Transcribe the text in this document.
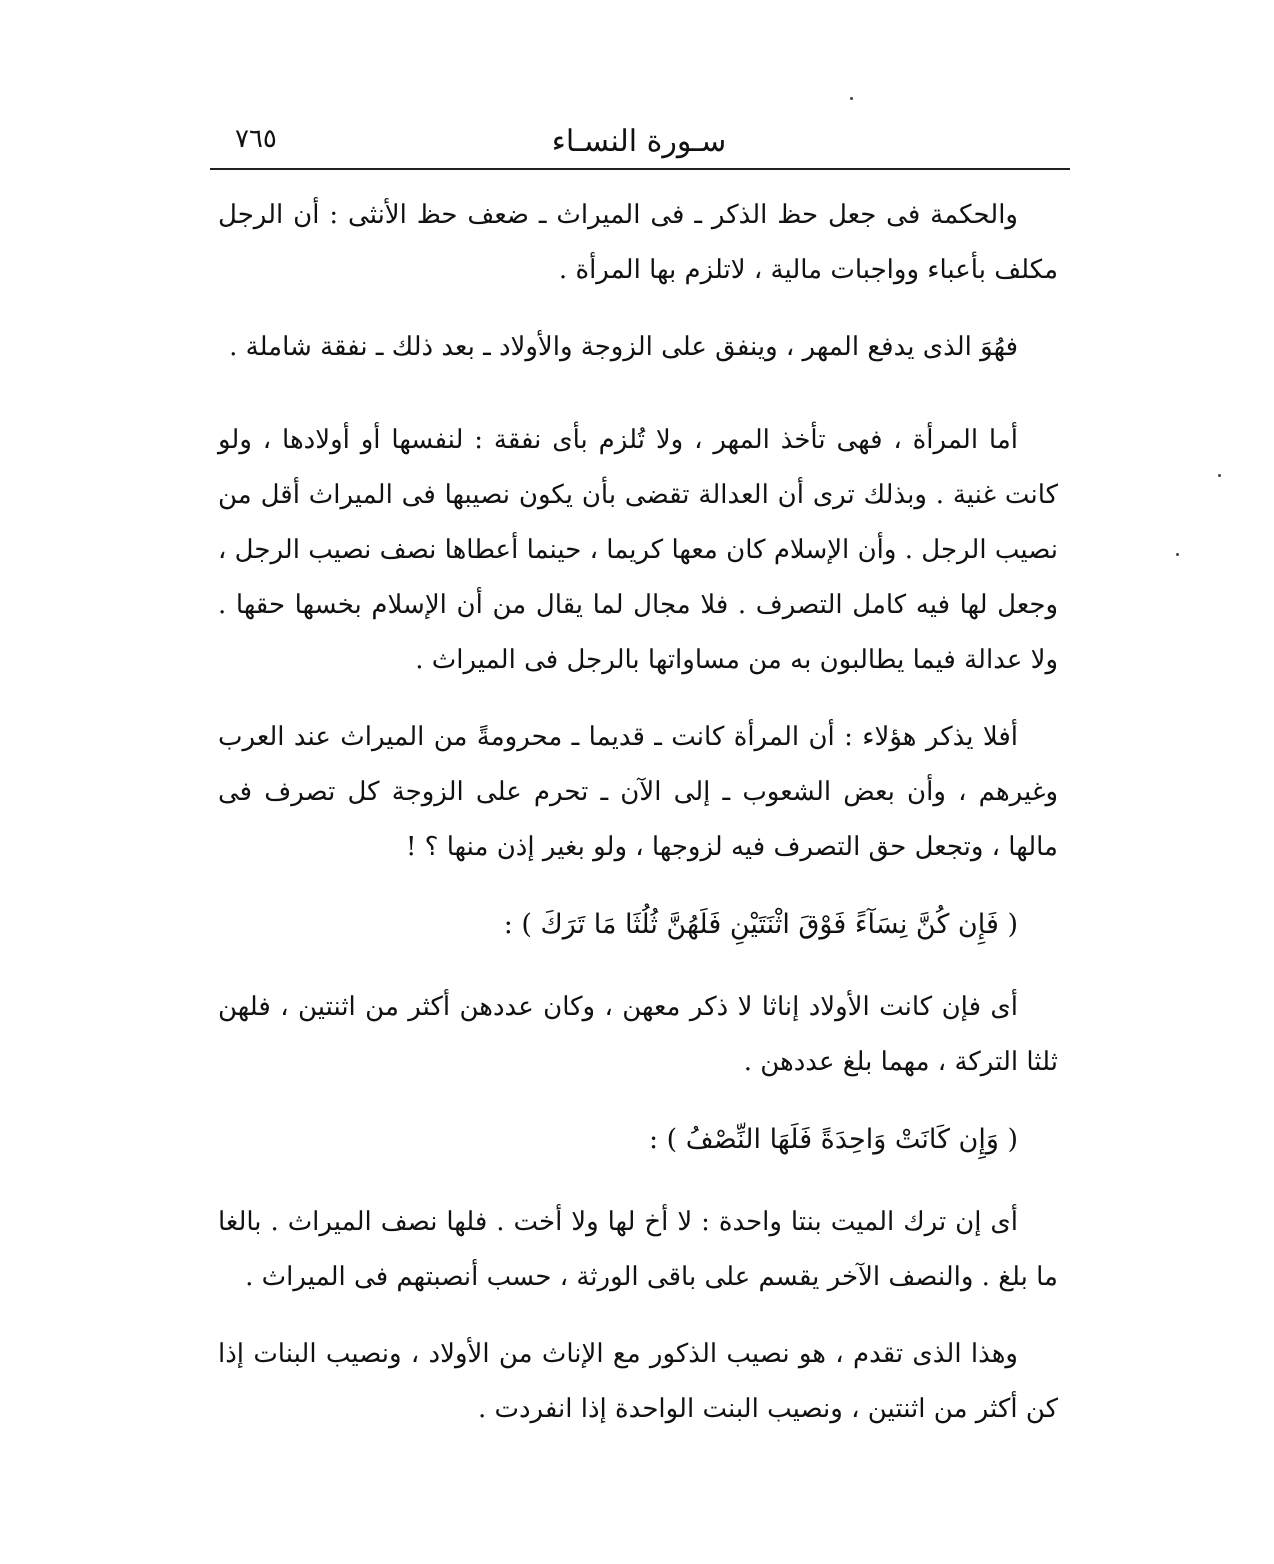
سـورة النسـاء
٧٦٥

والحكمة فى جعل حظ الذكر ـ فى الميراث ـ ضعف حظ الأنثى : أن الرجل مكلف بأعباء وواجبات مالية ، لاتلزم بها المرأة .

فهُوَ الذى يدفع المهر ، وينفق على الزوجة والأولاد ـ بعد ذلك ـ نفقة شاملة .

أما المرأة ، فهى تأخذ المهر ، ولا تُلزم بأى نفقة : لنفسها أو أولادها ، ولو كانت غنية . وبذلك ترى أن العدالة تقضى بأن يكون نصيبها فى الميراث أقل من نصيب الرجل . وأن الإسلام كان معها كريما ، حينما أعطاها نصف نصيب الرجل ، وجعل لها فيه كامل التصرف . فلا مجال لما يقال من أن الإسلام بخسها حقها . ولا عدالة فيما يطالبون به من مساواتها بالرجل فى الميراث .

أفلا يذكر هؤلاء : أن المرأة كانت ـ قديما ـ محرومةً من الميراث عند العرب وغيرهم ، وأن بعض الشعوب ـ إلى الآن ـ تحرم على الزوجة كل تصرف فى مالها ، وتجعل حق التصرف فيه لزوجها ، ولو بغير إذن منها ؟ !

( فَإِن كُنَّ نِسَآءً فَوْقَ اثْنَتَيْنِ فَلَهُنَّ ثُلُثَا مَا تَرَكَ ) :

أى فإن كانت الأولاد إناثا لا ذكر معهن ، وكان عددهن أكثر من اثنتين ، فلهن ثلثا التركة ، مهما بلغ عددهن .

( وَإِن كَانَتْ وَاحِدَةً فَلَهَا النِّصْفُ ) :

أى إن ترك الميت بنتا واحدة : لا أخ لها ولا أخت . فلها نصف الميراث . بالغا ما بلغ . والنصف الآخر يقسم على باقى الورثة ، حسب أنصبتهم فى الميراث .

وهذا الذى تقدم ، هو نصيب الذكور مع الإناث من الأولاد ، ونصيب البنات إذا كن أكثر من اثنتين ، ونصيب البنت الواحدة إذا انفردت .
